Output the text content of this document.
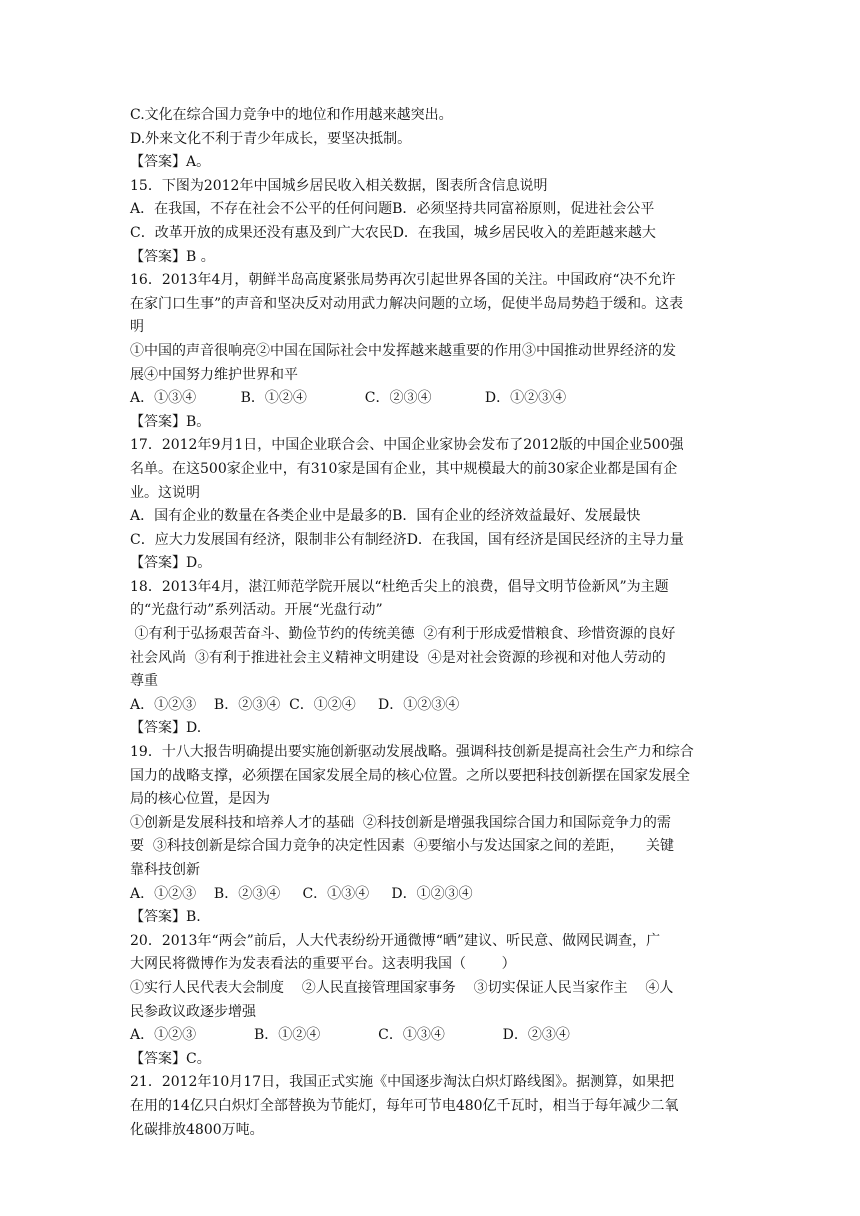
C.文化在综合国力竞争中的地位和作用越来越突出。
D.外来文化不利于青少年成长，要坚决抵制。
【答案】A。
15．下图为2012年中国城乡居民收入相关数据，图表所含信息说明
A．在我国，不存在社会不公平的任何问题B．必须坚持共同富裕原则，促进社会公平
C．改革开放的成果还没有惠及到广大农民D．在我国，城乡居民收入的差距越来越大
【答案】B 。
16．2013年4月，朝鲜半岛高度紧张局势再次引起世界各国的关注。中国政府“决不允许
在家门口生事”的声音和坚决反对动用武力解决问题的立场，促使半岛局势趋于缓和。这表
明
①中国的声音很响亮②中国在国际社会中发挥越来越重要的作用③中国推动世界经济的发
展④中国努力维护世界和平
A．①③④          B．①②④             C．②③④            D．①②③④
【答案】B。
17．2012年9月1日，中国企业联合会、中国企业家协会发布了2012版的中国企业500强
名单。在这500家企业中，有310家是国有企业，其中规模最大的前30家企业都是国有企
业。这说明
A．国有企业的数量在各类企业中是最多的B．国有企业的经济效益最好、发展最快
C．应大力发展国有经济，限制非公有制经济D．在我国，国有经济是国民经济的主导力量
【答案】D。
18．2013年4月，湛江师范学院开展以“杜绝舌尖上的浪费，倡导文明节俭新风”为主题
的“光盘行动”系列活动。开展“光盘行动”
①有利于弘扬艰苦奋斗、勤俭节约的传统美德  ②有利于形成爱惜粮食、珍惜资源的良好
社会风尚  ③有利于推进社会主义精神文明建设  ④是对社会资源的珍视和对他人劳动的
尊重
A．①②③    B．②③④  C．①②④     D．①②③④
【答案】D.
19．十八大报告明确提出要实施创新驱动发展战略。强调科技创新是提高社会生产力和综合
国力的战略支撑，必须摆在国家发展全局的核心位置。之所以要把科技创新摆在国家发展全
局的核心位置，是因为
①创新是发展科技和培养人才的基础  ②科技创新是增强我国综合国力和国际竞争力的需
要  ③科技创新是综合国力竞争的决定性因素  ④要缩小与发达国家之间的差距，     关键
靠科技创新
A．①②③    B．②③④     C．①③④     D．①②③④
【答案】B.
20．2013年“两会”前后，人大代表纷纷开通微博“晒”建议、听民意、做网民调查，广
大网民将微博作为发表看法的重要平台。这表明我国（        ）
①实行人民代表大会制度    ②人民直接管理国家事务    ③切实保证人民当家作主    ④人
民参政议政逐步增强
A．①②③             B．①②④             C．①③④             D．②③④
【答案】C。
21．2012年10月17日，我国正式实施《中国逐步淘汰白炽灯路线图》。据测算，如果把
在用的14亿只白炽灯全部替换为节能灯，每年可节电480亿千瓦时，相当于每年减少二氧
化碳排放4800万吨。
